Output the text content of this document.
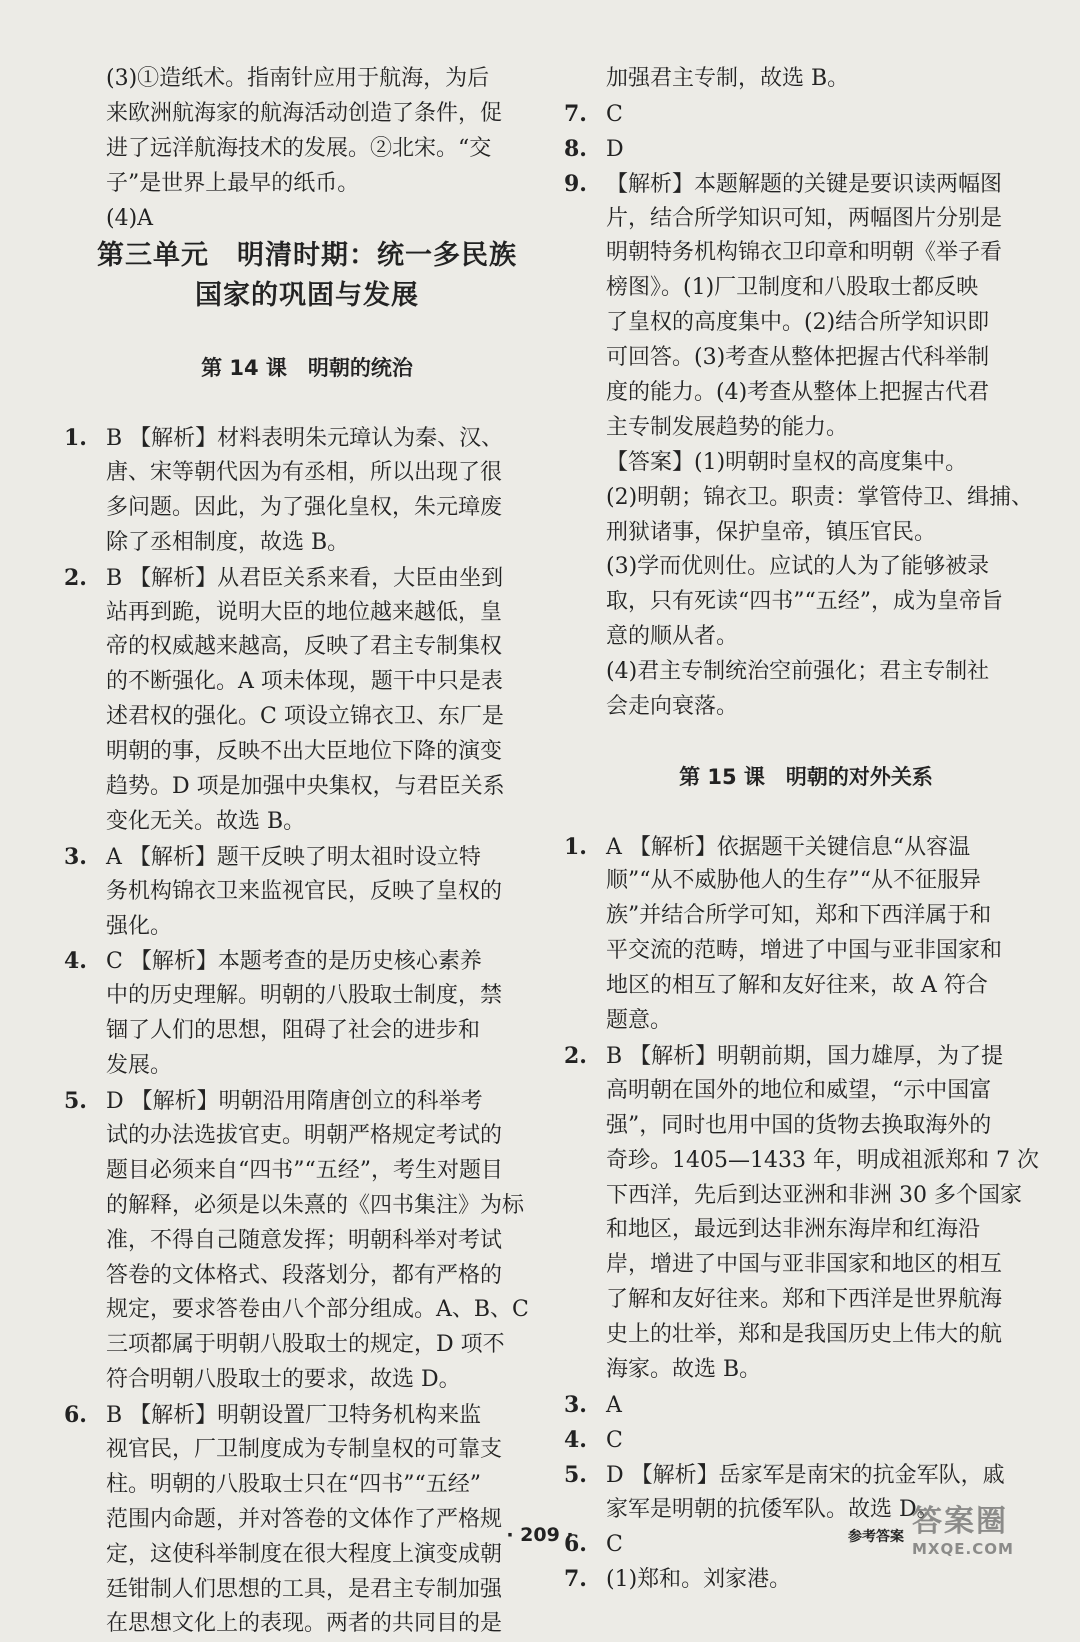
(3)①造纸术。指南针应用于航海，为后
来欧洲航海家的航海活动创造了条件，促
进了远洋航海技术的发展。②北宋。“交
子”是世界上最早的纸币。
(4)A
第三单元　明清时期：统一多民族
国家的巩固与发展
第 14 课　明朝的统治
1. B 【解析】材料表明朱元璋认为秦、汉、
唐、宋等朝代因为有丞相，所以出现了很
多问题。因此，为了强化皇权，朱元璋废
除了丞相制度，故选 B。
2. B 【解析】从君臣关系来看，大臣由坐到
站再到跪，说明大臣的地位越来越低，皇
帝的权威越来越高，反映了君主专制集权
的不断强化。A 项未体现，题干中只是表
述君权的强化。C 项设立锦衣卫、东厂是
明朝的事，反映不出大臣地位下降的演变
趋势。D 项是加强中央集权，与君臣关系
变化无关。故选 B。
3. A 【解析】题干反映了明太祖时设立特
务机构锦衣卫来监视官民，反映了皇权的
强化。
4. C 【解析】本题考查的是历史核心素养
中的历史理解。明朝的八股取士制度，禁
锢了人们的思想，阻碍了社会的进步和
发展。
5. D 【解析】明朝沿用隋唐创立的科举考
试的办法选拔官吏。明朝严格规定考试的
题目必须来自“四书”“五经”，考生对题目
的解释，必须是以朱熹的《四书集注》为标
准，不得自己随意发挥；明朝科举对考试
答卷的文体格式、段落划分，都有严格的
规定，要求答卷由八个部分组成。A、B、C
三项都属于明朝八股取士的规定，D 项不
符合明朝八股取士的要求，故选 D。
6. B 【解析】明朝设置厂卫特务机构来监
视官民，厂卫制度成为专制皇权的可靠支
柱。明朝的八股取士只在“四书”“五经”
范围内命题，并对答卷的文体作了严格规
定，这使科举制度在很大程度上演变成朝
廷钳制人们思想的工具，是君主专制加强
在思想文化上的表现。两者的共同目的是
加强君主专制，故选 B。
7. C
8. D
9. 【解析】本题解题的关键是要识读两幅图
片，结合所学知识可知，两幅图片分别是
明朝特务机构锦衣卫印章和明朝《举子看
榜图》。(1)厂卫制度和八股取士都反映
了皇权的高度集中。(2)结合所学知识即
可回答。(3)考查从整体把握古代科举制
度的能力。(4)考查从整体上把握古代君
主专制发展趋势的能力。
【答案】(1)明朝时皇权的高度集中。
(2)明朝；锦衣卫。职责：掌管侍卫、缉捕、
刑狱诸事，保护皇帝，镇压官民。
(3)学而优则仕。应试的人为了能够被录
取，只有死读“四书”“五经”，成为皇帝旨
意的顺从者。
(4)君主专制统治空前强化；君主专制社
会走向衰落。
第 15 课　明朝的对外关系
1. A 【解析】依据题干关键信息“从容温
顺”“从不威胁他人的生存”“从不征服异
族”并结合所学可知，郑和下西洋属于和
平交流的范畴，增进了中国与亚非国家和
地区的相互了解和友好往来，故 A 符合
题意。
2. B 【解析】明朝前期，国力雄厚，为了提
高明朝在国外的地位和威望，“示中国富
强”，同时也用中国的货物去换取海外的
奇珍。1405—1433 年，明成祖派郑和 7 次
下西洋，先后到达亚洲和非洲 30 多个国家
和地区，最远到达非洲东海岸和红海沿
岸，增进了中国与亚非国家和地区的相互
了解和友好往来。郑和下西洋是世界航海
史上的壮举，郑和是我国历史上伟大的航
海家。故选 B。
3. A
4. C
5. D 【解析】岳家军是南宋的抗金军队，戚
家军是明朝的抗倭军队。故选 D。
6. C
7. (1)郑和。刘家港。
· 209 ·	参考答案 答案圈
MXQE.COM
